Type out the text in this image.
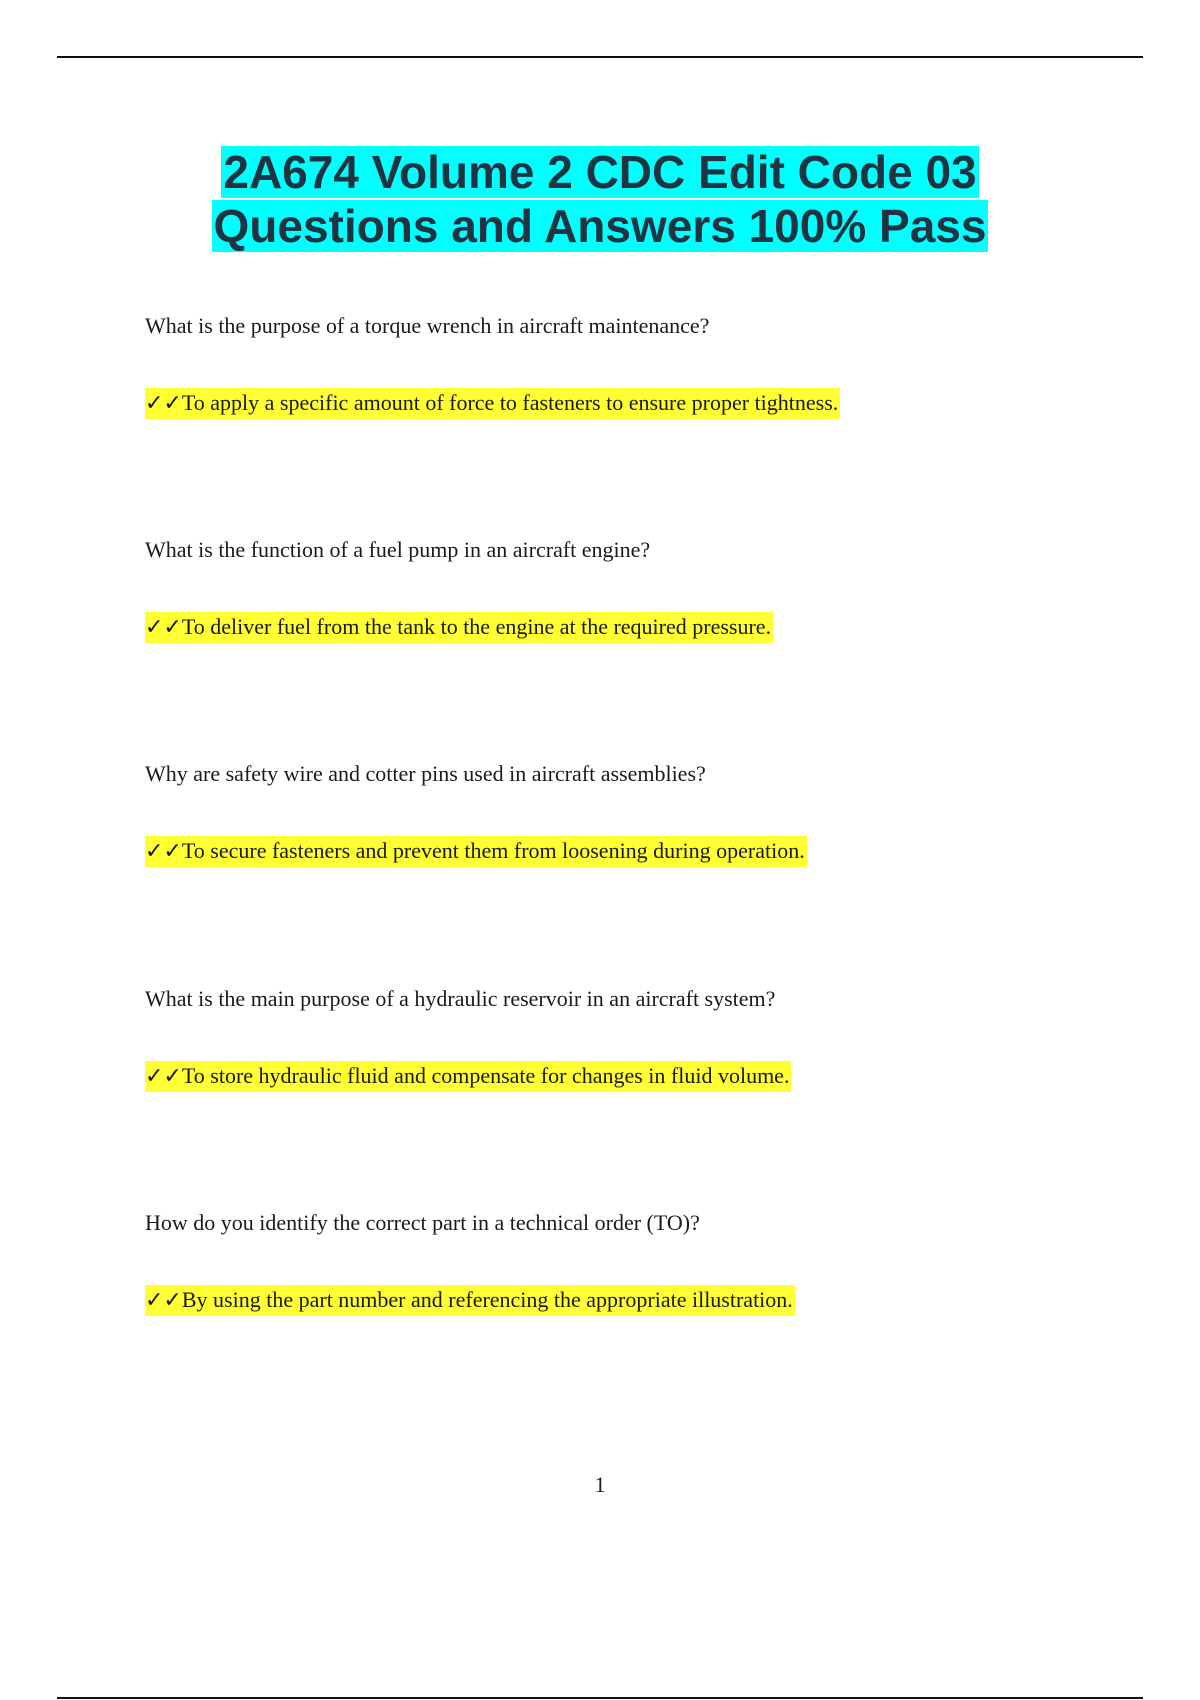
2A674 Volume 2 CDC Edit Code 03
Questions and Answers 100% Pass

What is the purpose of a torque wrench in aircraft maintenance?

✓✓To apply a specific amount of force to fasteners to ensure proper tightness.

What is the function of a fuel pump in an aircraft engine?

✓✓To deliver fuel from the tank to the engine at the required pressure.

Why are safety wire and cotter pins used in aircraft assemblies?

✓✓To secure fasteners and prevent them from loosening during operation.

What is the main purpose of a hydraulic reservoir in an aircraft system?

✓✓To store hydraulic fluid and compensate for changes in fluid volume.

How do you identify the correct part in a technical order (TO)?

✓✓By using the part number and referencing the appropriate illustration.
1
